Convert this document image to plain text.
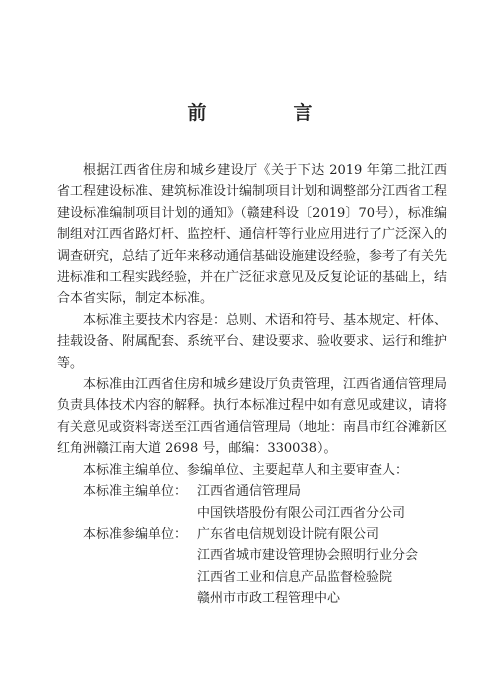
前　言

根据江西省住房和城乡建设厅《关于下达 2019 年第二批江西省工程建设标准、建筑标准设计编制项目计划和调整部分江西省工程建设标准编制项目计划的通知》（赣建科设〔2019〕70号），标准编制组对江西省路灯杆、监控杆、通信杆等行业应用进行了广泛深入的调查研究，总结了近年来移动通信基础设施建设经验，参考了有关先进标准和工程实践经验，并在广泛征求意见及反复论证的基础上，结合本省实际，制定本标准。

本标准主要技术内容是：总则、术语和符号、基本规定、杆体、挂载设备、附属配套、系统平台、建设要求、验收要求、运行和维护等。

本标准由江西省住房和城乡建设厅负责管理，江西省通信管理局负责具体技术内容的解释。执行本标准过程中如有意见或建议，请将有关意见或资料寄送至江西省通信管理局（地址：南昌市红谷滩新区红角洲赣江南大道 2698 号，邮编：330038）。

本标准主编单位、参编单位、主要起草人和主要审查人：

本标准主编单位： 江西省通信管理局
中国铁塔股份有限公司江西省分公司
本标准参编单位： 广东省电信规划设计院有限公司
江西省城市建设管理协会照明行业分会
江西省工业和信息产品监督检验院
赣州市市政工程管理中心
